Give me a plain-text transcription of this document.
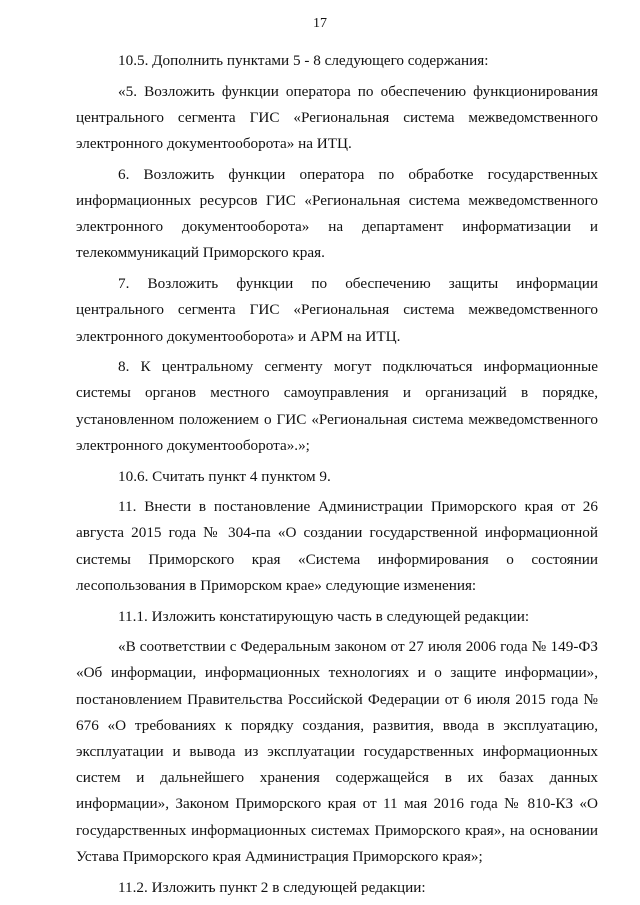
17

10.5. Дополнить пунктами 5 - 8 следующего содержания:

«5. Возложить функции оператора по обеспечению функционирования центрального сегмента ГИС «Региональная система межведомственного электронного документооборота» на ИТЦ.

6. Возложить функции оператора по обработке государственных информационных ресурсов ГИС «Региональная система межведомственного электронного документооборота» на департамент информатизации и телекоммуникаций Приморского края.

7. Возложить функции по обеспечению защиты информации центрального сегмента ГИС «Региональная система межведомственного электронного документооборота» и АРМ на ИТЦ.

8. К центральному сегменту могут подключаться информационные системы органов местного самоуправления и организаций в порядке, установленном положением о ГИС «Региональная система межведомственного электронного документооборота».»;

10.6. Считать пункт 4 пунктом 9.

11. Внести в постановление Администрации Приморского края от 26 августа 2015 года № 304-па «О создании государственной информационной системы Приморского края «Система информирования о состоянии лесопользования в Приморском крае» следующие изменения:

11.1. Изложить констатирующую часть в следующей редакции:

«В соответствии с Федеральным законом от 27 июля 2006 года № 149-ФЗ «Об информации, информационных технологиях и о защите информации», постановлением Правительства Российской Федерации от 6 июля 2015 года № 676 «О требованиях к порядку создания, развития, ввода в эксплуатацию, эксплуатации и вывода из эксплуатации государственных информационных систем и дальнейшего хранения содержащейся в их базах данных информации», Законом Приморского края от 11 мая 2016 года № 810-КЗ «О государственных информационных системах Приморского края», на основании Устава Приморского края Администрация Приморского края»;

11.2. Изложить пункт 2 в следующей редакции:
